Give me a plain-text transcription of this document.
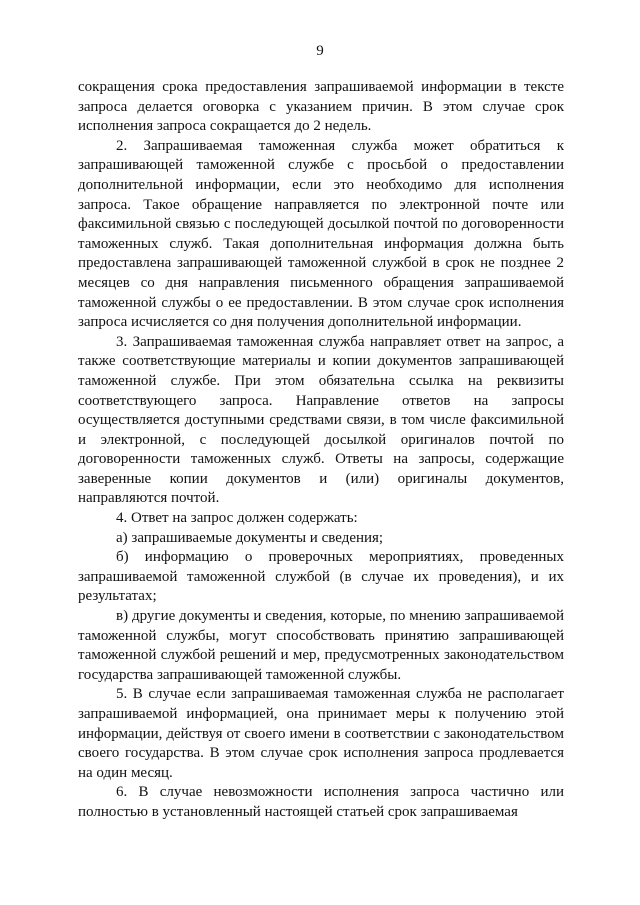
9

сокращения срока предоставления запрашиваемой информации в тексте запроса делается оговорка с указанием причин. В этом случае срок исполнения запроса сокращается до 2 недель.

2. Запрашиваемая таможенная служба может обратиться к запрашивающей таможенной службе с просьбой о предоставлении дополнительной информации, если это необходимо для исполнения запроса. Такое обращение направляется по электронной почте или факсимильной связью с последующей досылкой почтой по договоренности таможенных служб. Такая дополнительная информация должна быть предоставлена запрашивающей таможенной службой в срок не позднее 2 месяцев со дня направления письменного обращения запрашиваемой таможенной службы о ее предоставлении. В этом случае срок исполнения запроса исчисляется со дня получения дополнительной информации.

3. Запрашиваемая таможенная служба направляет ответ на запрос, а также соответствующие материалы и копии документов запрашивающей таможенной службе. При этом обязательна ссылка на реквизиты соответствующего запроса. Направление ответов на запросы осуществляется доступными средствами связи, в том числе факсимильной и электронной, с последующей досылкой оригиналов почтой по договоренности таможенных служб. Ответы на запросы, содержащие заверенные копии документов и (или) оригиналы документов, направляются почтой.

4. Ответ на запрос должен содержать:

а) запрашиваемые документы и сведения;

б) информацию о проверочных мероприятиях, проведенных запрашиваемой таможенной службой (в случае их проведения), и их результатах;

в) другие документы и сведения, которые, по мнению запрашиваемой таможенной службы, могут способствовать принятию запрашивающей таможенной службой решений и мер, предусмотренных законодательством государства запрашивающей таможенной службы.

5. В случае если запрашиваемая таможенная служба не располагает запрашиваемой информацией, она принимает меры к получению этой информации, действуя от своего имени в соответствии с законодательством своего государства. В этом случае срок исполнения запроса продлевается на один месяц.

6. В случае невозможности исполнения запроса частично или полностью в установленный настоящей статьей срок запрашиваемая
